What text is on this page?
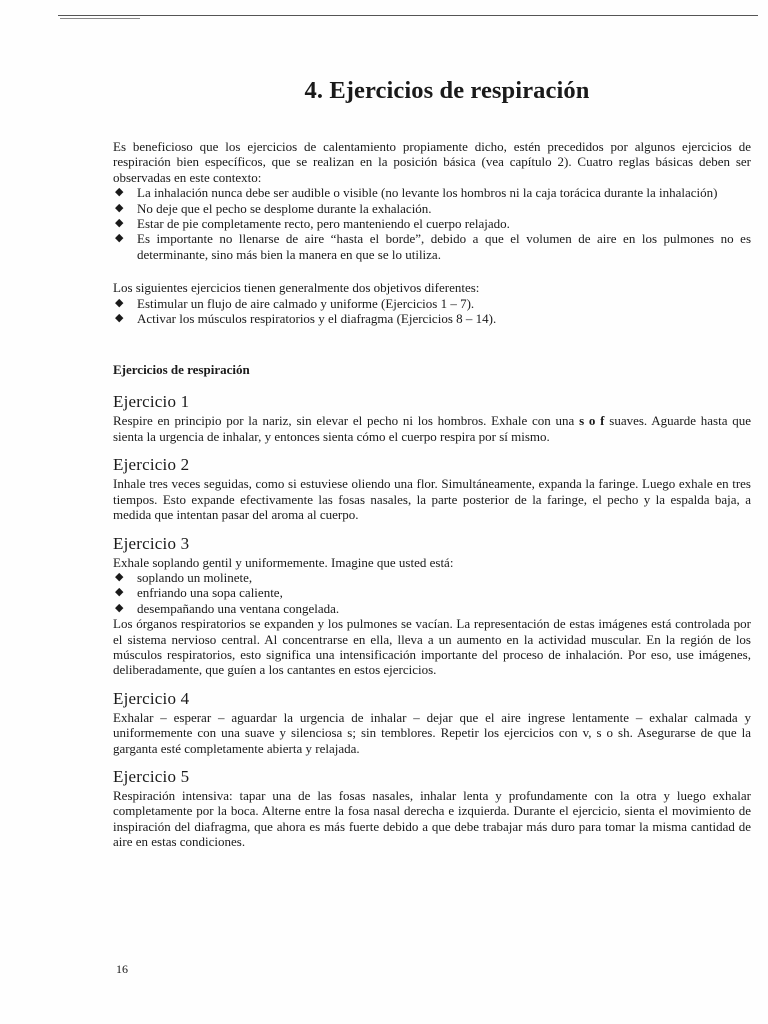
4. Ejercicios de respiración

Es beneficioso que los ejercicios de calentamiento propiamente dicho, estén precedidos por algunos ejercicios de respiración bien específicos, que se realizan en la posición básica (vea capítulo 2). Cuatro reglas básicas deben ser observadas en este contexto:

◆ La inhalación nunca debe ser audible o visible (no levante los hombros ni la caja torácica durante la inhalación)
◆ No deje que el pecho se desplome durante la exhalación.
◆ Estar de pie completamente recto, pero manteniendo el cuerpo relajado.
◆ Es importante no llenarse de aire “hasta el borde”, debido a que el volumen de aire en los pulmones no es determinante, sino más bien la manera en que se lo utiliza.

Los siguientes ejercicios tienen generalmente dos objetivos diferentes:

◆ Estimular un flujo de aire calmado y uniforme (Ejercicios 1 – 7).
◆ Activar los músculos respiratorios y el diafragma (Ejercicios 8 – 14).
Ejercicios de respiración
Ejercicio 1

Respire en principio por la nariz, sin elevar el pecho ni los hombros. Exhale con una s o f suaves. Aguarde hasta que sienta la urgencia de inhalar, y entonces sienta cómo el cuerpo respira por sí mismo.

Ejercicio 2

Inhale tres veces seguidas, como si estuviese oliendo una flor. Simultáneamente, expanda la faringe. Luego exhale en tres tiempos. Esto expande efectivamente las fosas nasales, la parte posterior de la faringe, el pecho y la espalda baja, a medida que intentan pasar del aroma al cuerpo.

Ejercicio 3

Exhale soplando gentil y uniformemente. Imagine que usted está:

◆ soplando un molinete,
◆ enfriando una sopa caliente,
◆ desempañando una ventana congelada.

Los órganos respiratorios se expanden y los pulmones se vacían. La representación de estas imágenes está controlada por el sistema nervioso central. Al concentrarse en ella, lleva a un aumento en la actividad muscular. En la región de los músculos respiratorios, esto significa una intensificación importante del proceso de inhalación. Por eso, use imágenes, deliberadamente, que guíen a los cantantes en estos ejercicios.

Ejercicio 4

Exhalar – esperar – aguardar la urgencia de inhalar – dejar que el aire ingrese lentamente – exhalar calmada y uniformemente con una suave y silenciosa s; sin temblores. Repetir los ejercicios con v, s o sh. Asegurarse de que la garganta esté completamente abierta y relajada.

Ejercicio 5

Respiración intensiva: tapar una de las fosas nasales, inhalar lenta y profundamente con la otra y luego exhalar completamente por la boca. Alterne entre la fosa nasal derecha e izquierda. Durante el ejercicio, sienta el movimiento de inspiración del diafragma, que ahora es más fuerte debido a que debe trabajar más duro para tomar la misma cantidad de aire en estas condiciones.

16
